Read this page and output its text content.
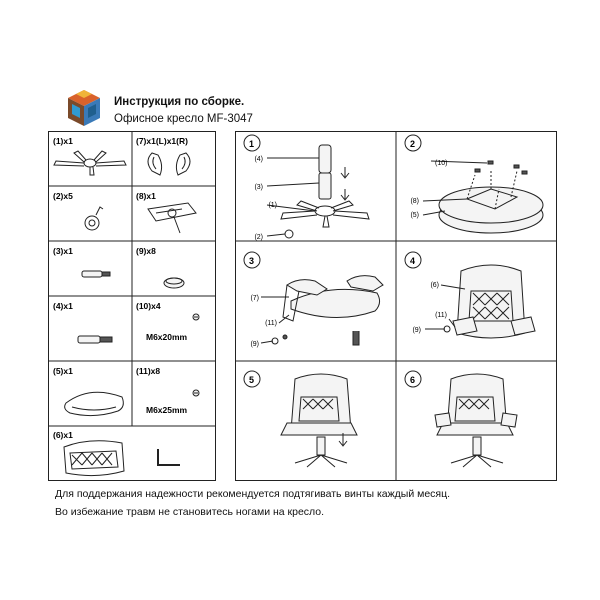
Инструкция по сборке.
Офисное кресло MF-3047
(1)x1	(7)x1(L)x1(R)
(2)x5	(8)x1
(3)x1	(9)x8
(4)x1	(10)x4
M6x20mm
(5)x1	(11)x8
M6x25mm
(6)x1
1	2
3	4
5	6
(4)
(3)
(1)
(2)
(10)
(8)
(5)
(7)
(11)
(9)
(6)
(11)
(9)
Для поддержания надежности рекомендуется подтягивать винты каждый месяц.
Во избежание травм не становитесь ногами на кресло.
